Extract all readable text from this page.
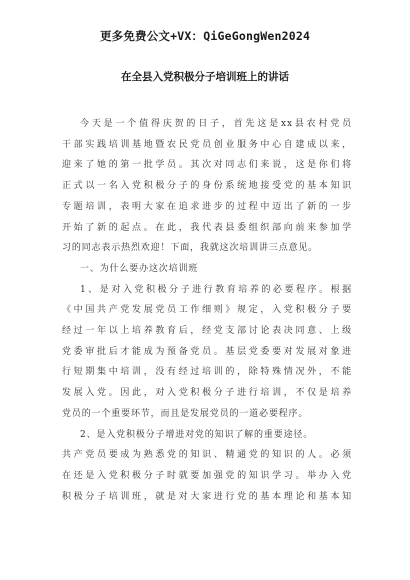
更多免费公文+VX：QiGeGongWen2024
在全县入党积极分子培训班上的讲话
今天是一个值得庆贺的日子，首先这是xx县农村党员
干部实践培训基地暨农民党员创业服务中心自建成以来，
迎来了她的第一批学员。其次对同志们来说，这是你们将
正式以一名入党积极分子的身份系统地接受党的基本知识
专题培训，表明大家在追求进步的过程中迈出了新的一步
开始了新的起点。在此，我代表县委组织部向前来参加学
习的同志表示热烈欢迎！下面，我就这次培训讲三点意见。
一、为什么要办这次培训班
1、是对入党积极分子进行教育培养的必要程序。根据
《中国共产党发展党员工作细则》规定，入党积极分子要
经过一年以上培养教育后，经党支部讨论表决同意、上级
党委审批后才能成为预备党员。基层党委要对发展对象进
行短期集中培训，没有经过培训的，除特殊情况外，不能
发展入党。因此，对入党积极分子进行培训，不仅是培养
党员的一个重要环节，而且是发展党员的一道必要程序。
2、是入党积极分子增进对党的知识了解的重要途径。
共产党员要成为熟悉党的知识、精通党的知识的人。必须
在还是入党积极分子时就要加强党的知识学习。举办入党
积极分子培训班，就是对大家进行党的基本理论和基本知
